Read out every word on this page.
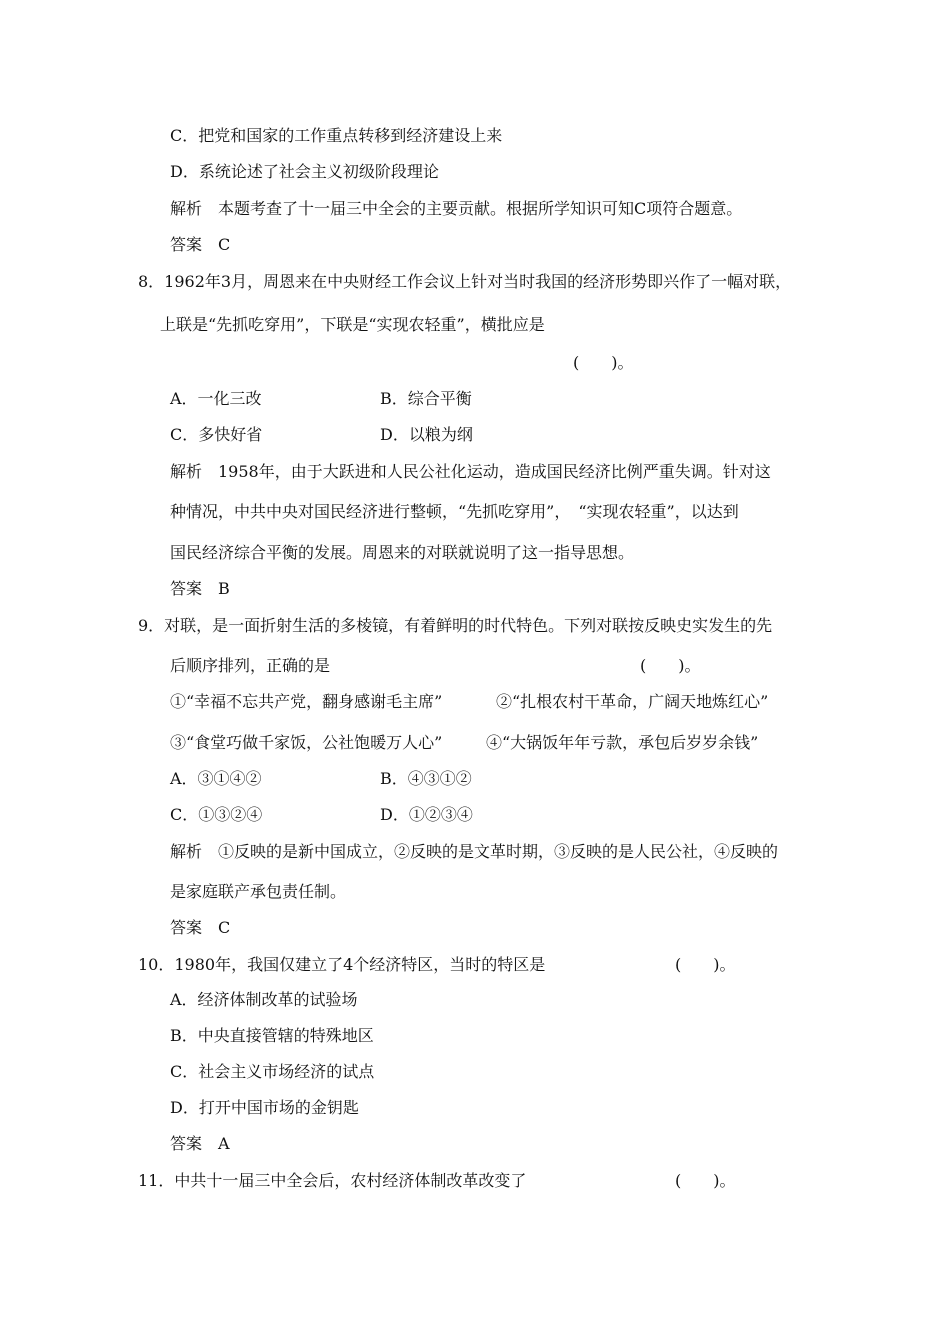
C．把党和国家的工作重点转移到经济建设上来
D．系统论述了社会主义初级阶段理论
解析　本题考查了十一届三中全会的主要贡献。根据所学知识可知C项符合题意。
答案　C
8．1962年3月，周恩来在中央财经工作会议上针对当时我国的经济形势即兴作了一幅对联，
上联是“先抓吃穿用”，下联是“实现农轻重”，横批应是
(　　)。
A．一化三改	B．综合平衡
C．多快好省	D．以粮为纲
解析　1958年，由于大跃进和人民公社化运动，造成国民经济比例严重失调。针对这
种情况，中共中央对国民经济进行整顿，“先抓吃穿用”，　“实现农轻重”，以达到
国民经济综合平衡的发展。周恩来的对联就说明了这一指导思想。
答案　B
9．对联，是一面折射生活的多棱镜，有着鲜明的时代特色。下列对联按反映史实发生的先
后顺序排列，正确的是	(　　)。
①“幸福不忘共产党，翻身感谢毛主席”	②“扎根农村干革命，广阔天地炼红心”
③“食堂巧做千家饭，公社饱暖万人心”	④“大锅饭年年亏款，承包后岁岁余钱”
A．③①④②	B．④③①②
C．①③②④	D．①②③④
解析　①反映的是新中国成立，②反映的是文革时期，③反映的是人民公社，④反映的
是家庭联产承包责任制。
答案　C
10．1980年，我国仅建立了4个经济特区，当时的特区是	(　　)。
A．经济体制改革的试验场
B．中央直接管辖的特殊地区
C．社会主义市场经济的试点
D．打开中国市场的金钥匙
答案　A
11．中共十一届三中全会后，农村经济体制改革改变了	(　　)。
